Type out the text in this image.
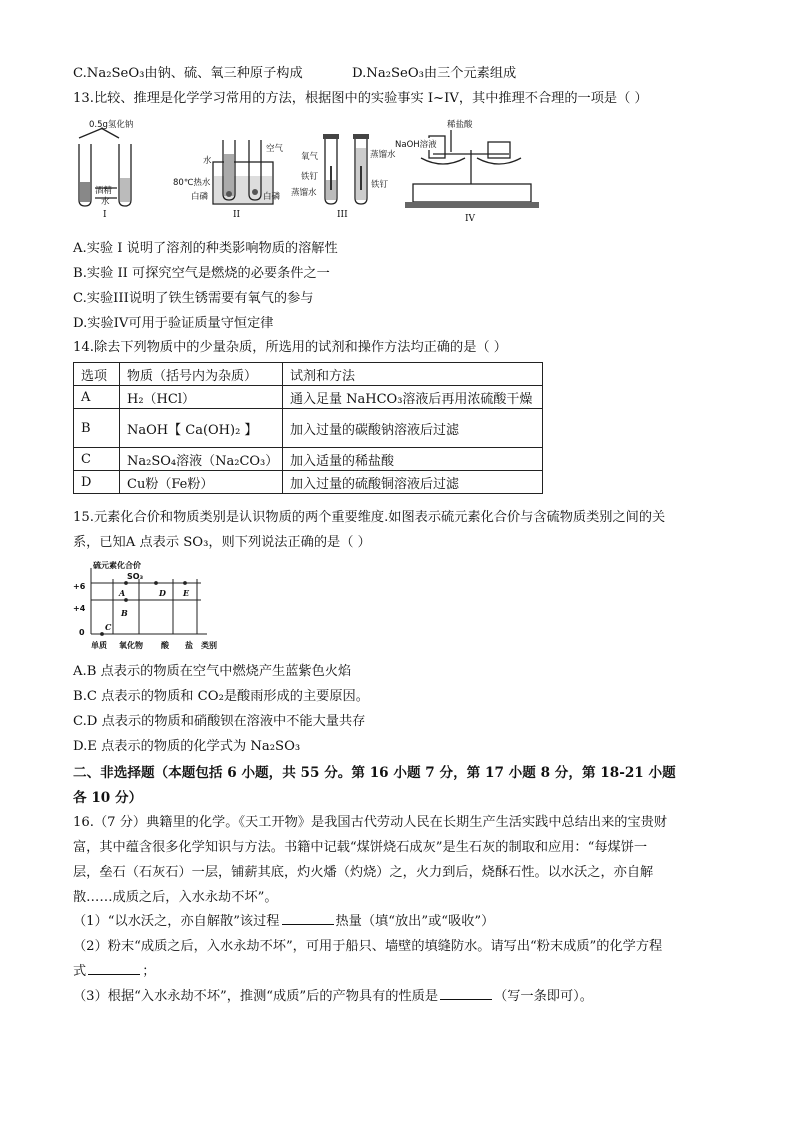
C.Na₂SeO₃由钠、硫、氧三种原子构成	D.Na₂SeO₃由三个元素组成
13.比较、推理是化学学习常用的方法，根据图中的实验事实 I~IV，其中推理不合理的一项是（ ）
0.5g氢化钠
酒精
水
空气
水
80℃热水
白磷	白磷
氧气
铁钉
蒸馏水
蒸馏水
铁钉
稀盐酸
NaOH溶液
I	II	III	IV
A.实验 I 说明了溶剂的种类影响物质的溶解性
B.实验 II 可探究空气是燃烧的必要条件之一
C.实验III说明了铁生锈需要有氧气的参与
D.实验IV可用于验证质量守恒定律
14.除去下列物质中的少量杂质，所选用的试剂和操作方法均正确的是（ ）
选项	物质（括号内为杂质）	试剂和方法
A	H₂（HCl）	通入足量 NaHCO₃溶液后再用浓硫酸干燥
B	NaOH【 Ca(OH)₂ 】	加入过量的碳酸钠溶液后过滤
C	Na₂SO₄溶液（Na₂CO₃）	加入适量的稀盐酸
D	Cu粉（Fe粉）	加入过量的硫酸铜溶液后过滤
15.元素化合价和物质类别是认识物质的两个重要维度.如图表示硫元素化合价与含硫物质类别之间的关
系，已知A 点表示 SO₃，则下列说法正确的是（ ）
硫元素化合价
+6
+4
0
SO₃
A
B
C
D E
单质 氧化物 酸 盐 类别
A.B 点表示的物质在空气中燃烧产生蓝紫色火焰
B.C 点表示的物质和 CO₂是酸雨形成的主要原因。
C.D 点表示的物质和硝酸钡在溶液中不能大量共存
D.E 点表示的物质的化学式为 Na₂SO₃
二、非选择题（本题包括 6 小题，共 55 分。第 16 小题 7 分，第 17 小题 8 分，第 18-21 小题
各 10 分）
16.（7 分）典籍里的化学。《天工开物》是我国古代劳动人民在长期生产生活实践中总结出来的宝贵财
富，其中蕴含很多化学知识与方法。书籍中记载“煤饼烧石成灰”是生石灰的制取和应用：“每煤饼一
层，垒石（石灰石）一层，铺薪其底，灼火燔（灼烧）之，火力到后，烧酥石性。以水沃之，亦自解
散……成质之后，入水永劫不坏”。
（1）“以水沃之，亦自解散”该过程	热量（填“放出”或“吸收”）
（2）粉末“成质之后，入水永劫不坏”，可用于船只、墙壁的填缝防水。请写出“粉末成质”的化学方程
式	；
（3）根据“入水永劫不坏”，推测“成质”后的产物具有的性质是	（写一条即可）。
